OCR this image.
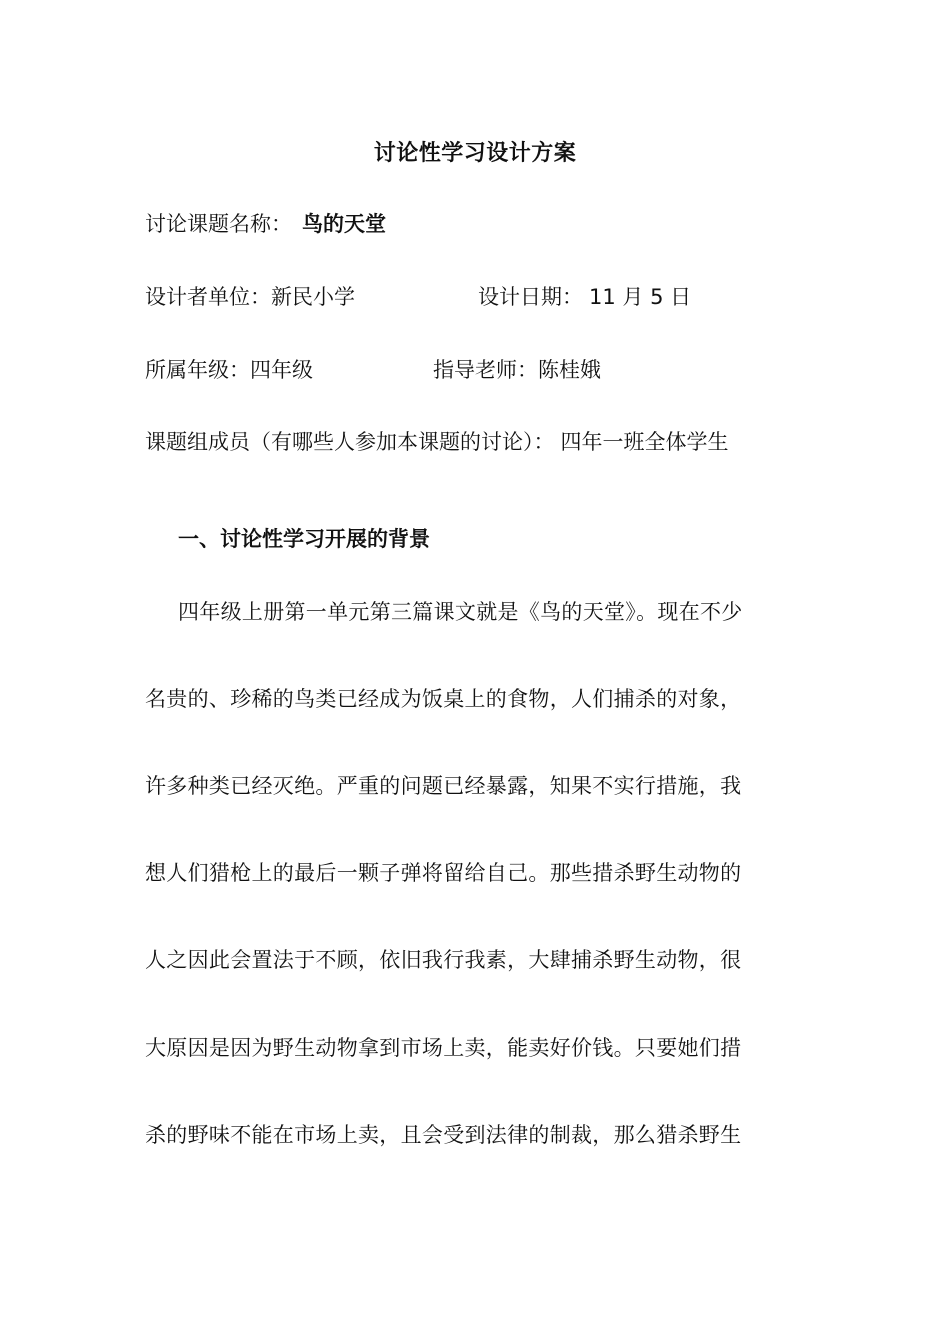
讨论性学习设计方案
讨论课题名称： 鸟的天堂
设计者单位：新民小学	设计日期： 11 月 5 日
所属年级：四年级	指导老师：陈桂娥
课题组成员（有哪些人参加本课题的讨论）： 四年一班全体学生
一、讨论性学习开展的背景
四年级上册第一单元第三篇课文就是《鸟的天堂》。现在不少
名贵的、珍稀的鸟类已经成为饭桌上的食物，人们捕杀的对象，
许多种类已经灭绝。严重的问题已经暴露，知果不实行措施，我
想人们猎枪上的最后一颗子弹将留给自己。那些措杀野生动物的
人之因此会置法于不顾，依旧我行我素，大肆捕杀野生动物，很
大原因是因为野生动物拿到市场上卖，能卖好价钱。只要她们措
杀的野味不能在市场上卖，且会受到法律的制裁，那么猎杀野生
